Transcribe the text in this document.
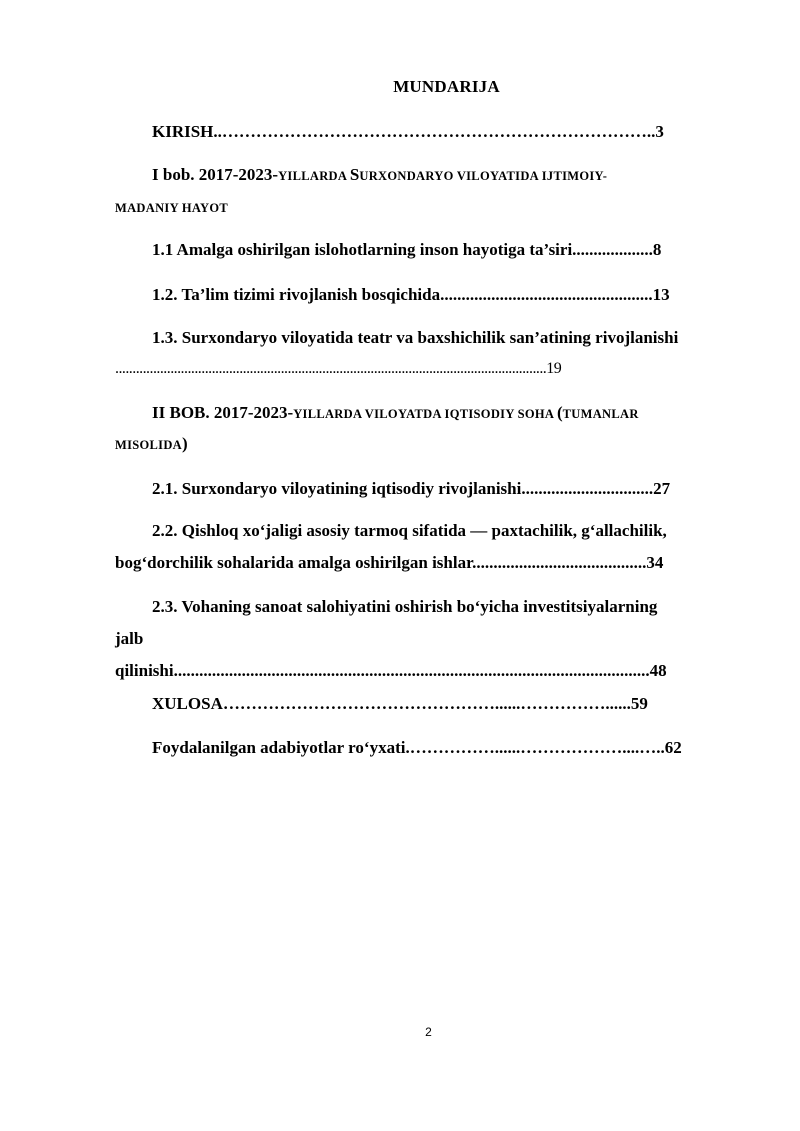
MUNDARIJA
KIRISH..…………………………………………………………………..3
I bob. 2017-2023-YILLARDA SURXONDARYO VILOYATIDA IJTIMOIY-
MADANIY HAYOT
1.1 Amalga oshirilgan islohotlarning inson hayotiga ta’siri...................8
1.2. Ta’lim tizimi rivojlanish bosqichida..................................................13
1.3. Surxondaryo viloyatida teatr va baxshichilik san’atining rivojlanishi
.............................................................................................................................19
II BOB. 2017-2023-YILLARDA VILOYATDA IQTISODIY SOHA (TUMANLAR
MISOLIDA)
2.1. Surxondaryo viloyatining iqtisodiy rivojlanishi...............................27
2.2. Qishloq xo‘jaligi asosiy tarmoq sifatida — paxtachilik, g‘allachilik,
bog‘dorchilik sohalarida amalga oshirilgan ishlar.........................................34
2.3. Vohaning sanoat salohiyatini oshirish bo‘yicha investitsiyalarning
jalb
qilinishi................................................................................................................48
XULOSA…………………………………………......……………......59
Foydalanilgan adabiyotlar ro‘yxati.……………......………………....…..62
2
